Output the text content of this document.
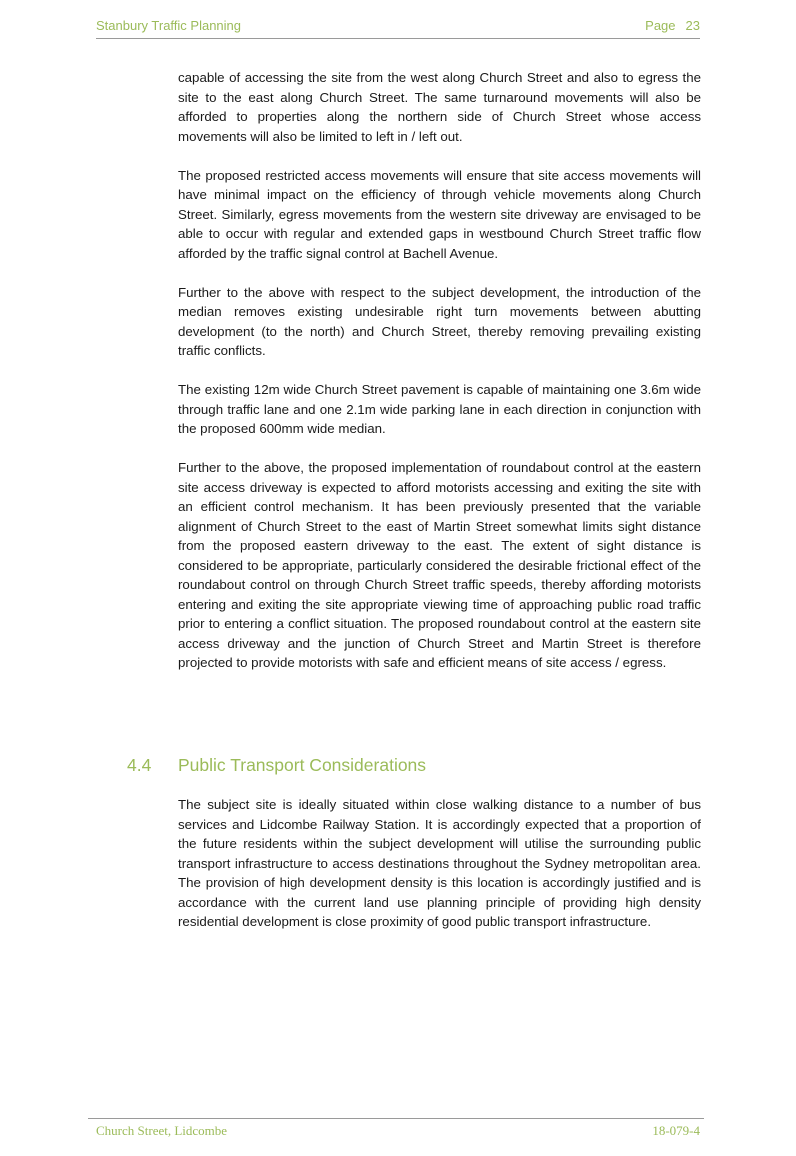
Stanbury Traffic Planning	Page 23

capable of accessing the site from the west along Church Street and also to egress the site to the east along Church Street. The same turnaround movements will also be afforded to properties along the northern side of Church Street whose access movements will also be limited to left in / left out.

The proposed restricted access movements will ensure that site access movements will have minimal impact on the efficiency of through vehicle movements along Church Street. Similarly, egress movements from the western site driveway are envisaged to be able to occur with regular and extended gaps in westbound Church Street traffic flow afforded by the traffic signal control at Bachell Avenue.

Further to the above with respect to the subject development, the introduction of the median removes existing undesirable right turn movements between abutting development (to the north) and Church Street, thereby removing prevailing existing traffic conflicts.

The existing 12m wide Church Street pavement is capable of maintaining one 3.6m wide through traffic lane and one 2.1m wide parking lane in each direction in conjunction with the proposed 600mm wide median.

Further to the above, the proposed implementation of roundabout control at the eastern site access driveway is expected to afford motorists accessing and exiting the site with an efficient control mechanism. It has been previously presented that the variable alignment of Church Street to the east of Martin Street somewhat limits sight distance from the proposed eastern driveway to the east. The extent of sight distance is considered to be appropriate, particularly considered the desirable frictional effect of the roundabout control on through Church Street traffic speeds, thereby affording motorists entering and exiting the site appropriate viewing time of approaching public road traffic prior to entering a conflict situation. The proposed roundabout control at the eastern site access driveway and the junction of Church Street and Martin Street is therefore projected to provide motorists with safe and efficient means of site access / egress.

4.4 Public Transport Considerations

The subject site is ideally situated within close walking distance to a number of bus services and Lidcombe Railway Station. It is accordingly expected that a proportion of the future residents within the subject development will utilise the surrounding public transport infrastructure to access destinations throughout the Sydney metropolitan area. The provision of high development density is this location is accordingly justified and is accordance with the current land use planning principle of providing high density residential development is close proximity of good public transport infrastructure.

Church Street, Lidcombe	18-079-4
